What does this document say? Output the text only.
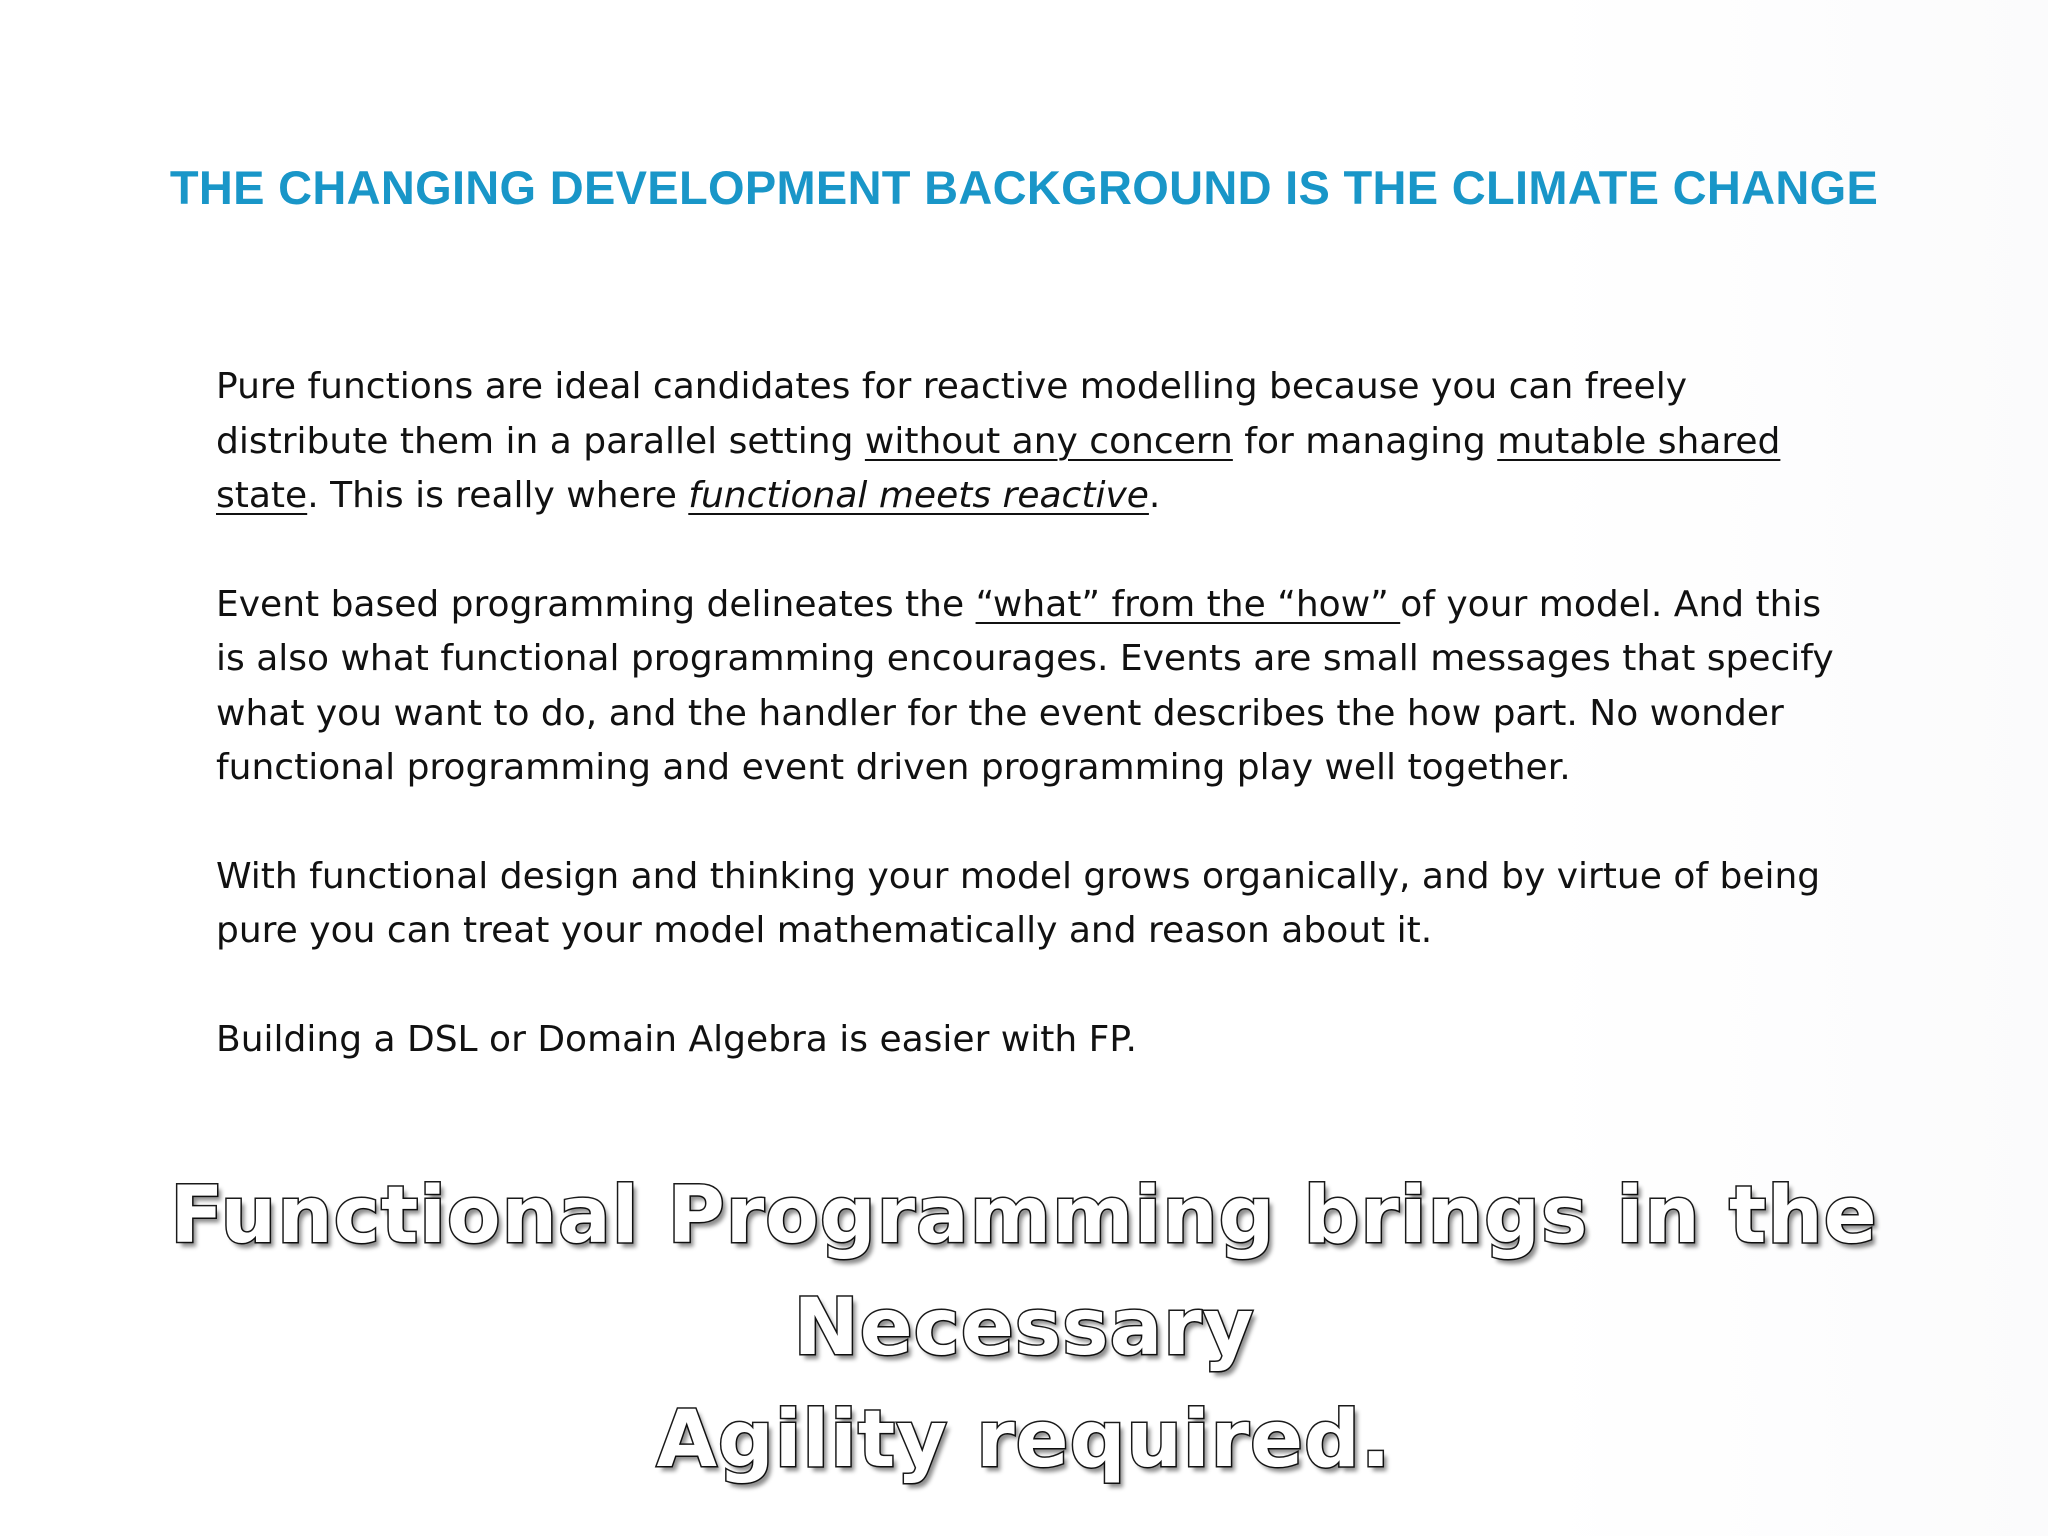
THE CHANGING DEVELOPMENT BACKGROUND IS THE CLIMATE CHANGE

Pure functions are ideal candidates for reactive modelling because you can freely distribute them in a parallel setting without any concern for managing mutable shared state. This is really where functional meets reactive.

Event based programming delineates the “what” from the “how” of your model. And this is also what functional programming encourages. Events are small messages that specify what you want to do, and the handler for the event describes the how part. No wonder functional programming and event driven programming play well together.

With functional design and thinking your model grows organically, and by virtue of being pure you can treat your model mathematically and reason about it.

Building a DSL or Domain Algebra is easier with FP.

Functional Programming brings in the Necessary
Agility required.
